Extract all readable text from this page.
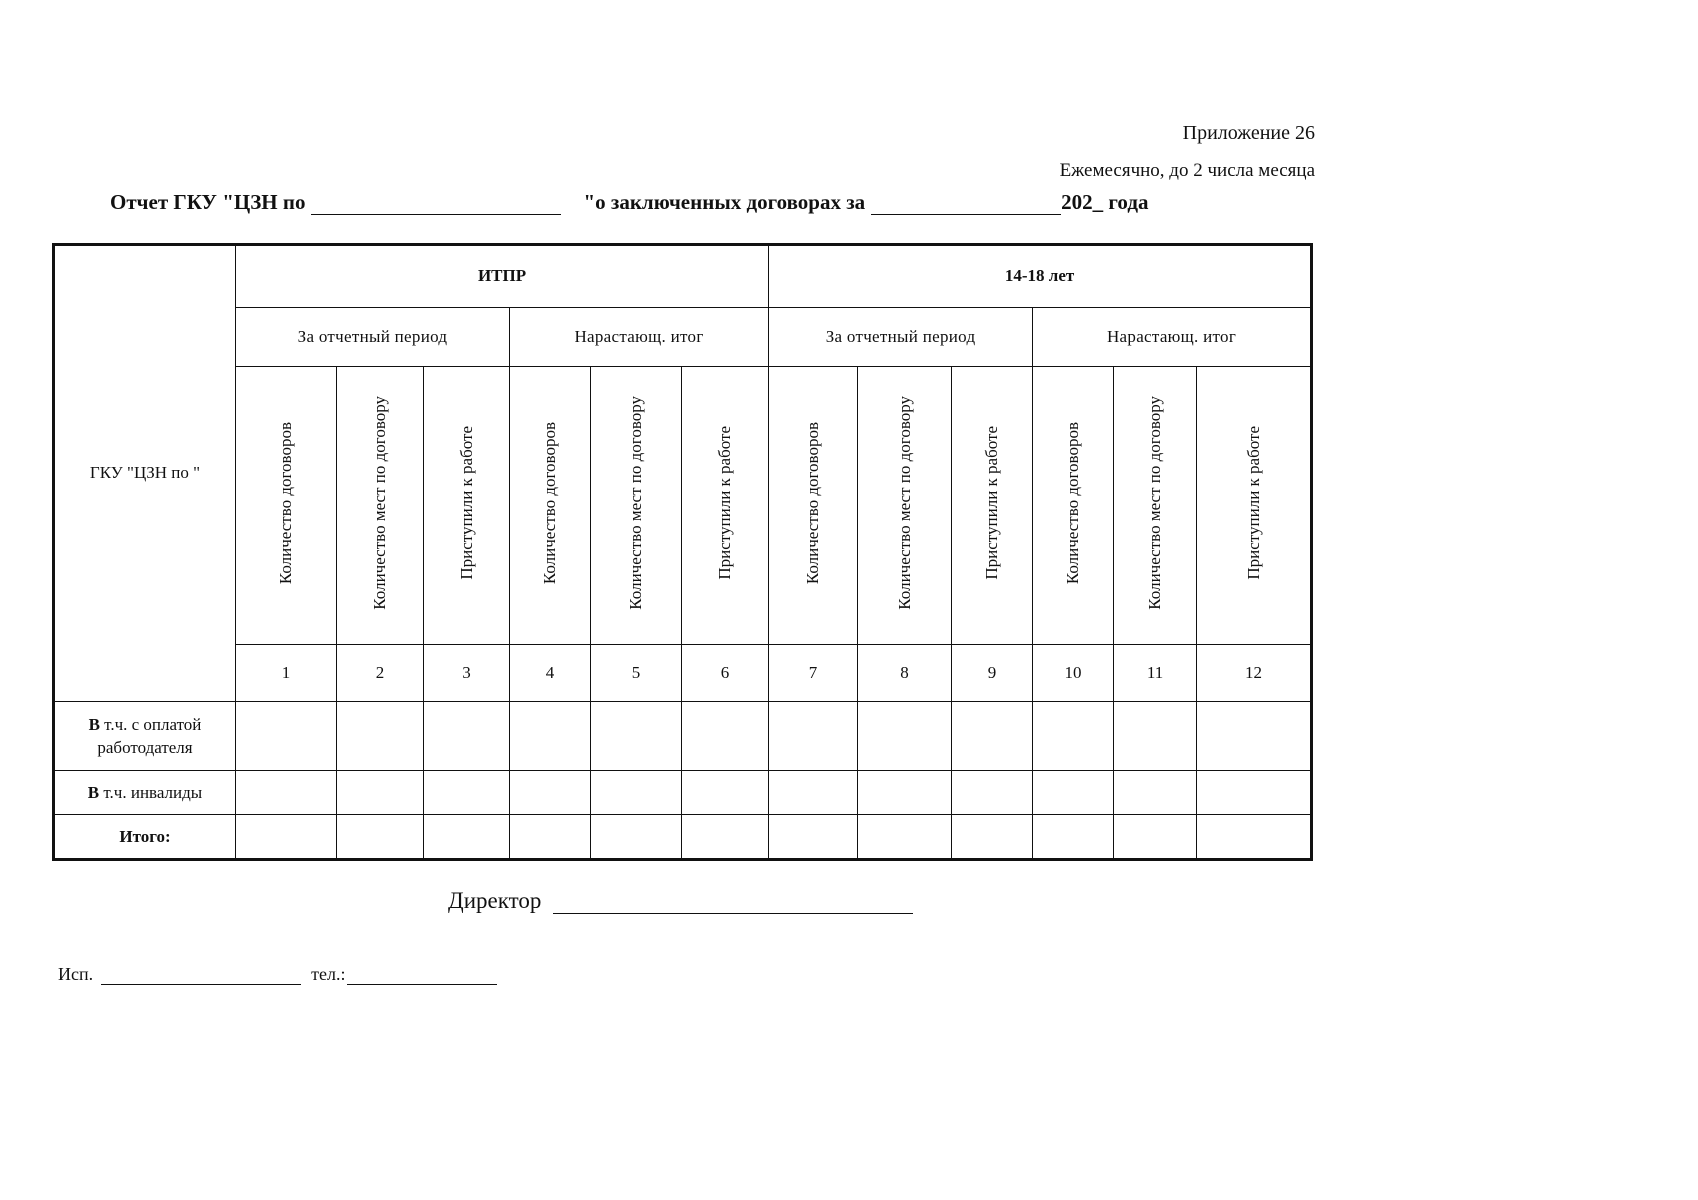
Приложение 26
Ежемесячно, до 2 числа месяца
Отчет ГКУ "ЦЗН по	"о заключенных договорах за	202_ года
ГКУ "ЦЗН по "	ИТПР						14-18 лет					
	За отчетный период			Нарастающ. итог			За отчетный период			Нарастающ. итог		
	Количество договоров	Количество мест по договору	Приступили к работе	Количество договоров	Количество мест по договору	Приступили к работе	Количество договоров	Количество мест по договору	Приступили к работе	Количество договоров	Количество мест по договору	Приступили к работе
	1	2	3	4	5	6	7	8	9	10	11	12
В т.ч. с оплатой работодателя												
В т.ч. инвалиды												
Итого:												
Директор
Исп.	тел.:
